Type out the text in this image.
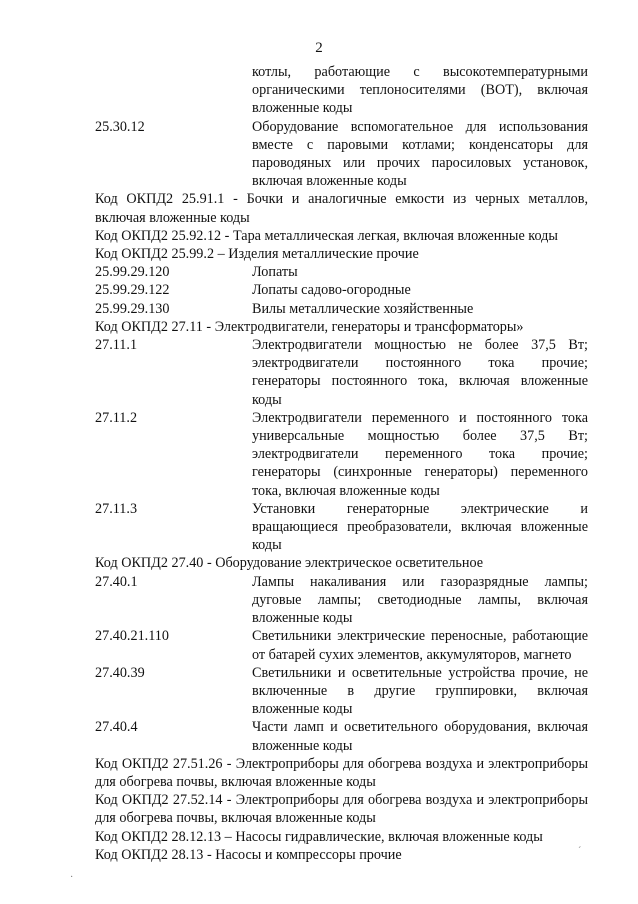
2
котлы, работающие с высокотемпературными органическими теплоносителями (ВОТ), включая вложенные коды
25.30.12	Оборудование вспомогательное для использования вместе с паровыми котлами; конденсаторы для пароводяных или прочих паросиловых установок, включая вложенные коды
Код ОКПД2 25.91.1 - Бочки и аналогичные емкости из черных металлов, включая вложенные коды
Код ОКПД2 25.92.12 - Тара металлическая легкая, включая вложенные коды
Код ОКПД2 25.99.2 – Изделия металлические прочие
25.99.29.120	Лопаты
25.99.29.122	Лопаты садово-огородные
25.99.29.130	Вилы металлические хозяйственные
Код ОКПД2 27.11 - Электродвигатели, генераторы и трансформаторы»
27.11.1	Электродвигатели мощностью не более 37,5 Вт; электродвигатели постоянного тока прочие; генераторы постоянного тока, включая вложенные коды
27.11.2	Электродвигатели переменного и постоянного тока универсальные мощностью более 37,5 Вт; электродвигатели переменного тока прочие; генераторы (синхронные генераторы) переменного тока, включая вложенные коды
27.11.3	Установки генераторные электрические и вращающиеся преобразователи, включая вложенные коды
Код ОКПД2 27.40 - Оборудование электрическое осветительное
27.40.1	Лампы накаливания или газоразрядные лампы; дуговые лампы; светодиодные лампы, включая вложенные коды
27.40.21.110	Светильники электрические переносные, работающие от батарей сухих элементов, аккумуляторов, магнето
27.40.39	Светильники и осветительные устройства прочие, не включенные в другие группировки, включая вложенные коды
27.40.4	Части ламп и осветительного оборудования, включая вложенные коды
Код ОКПД2 27.51.26 - Электроприборы для обогрева воздуха и электроприборы для обогрева почвы, включая вложенные коды
Код ОКПД2 27.52.14 - Электроприборы для обогрева воздуха и электроприборы для обогрева почвы, включая вложенные коды
Код ОКПД2 28.12.13 – Насосы гидравлические, включая вложенные коды
Код ОКПД2 28.13 - Насосы и компрессоры прочие	ˊ
·
